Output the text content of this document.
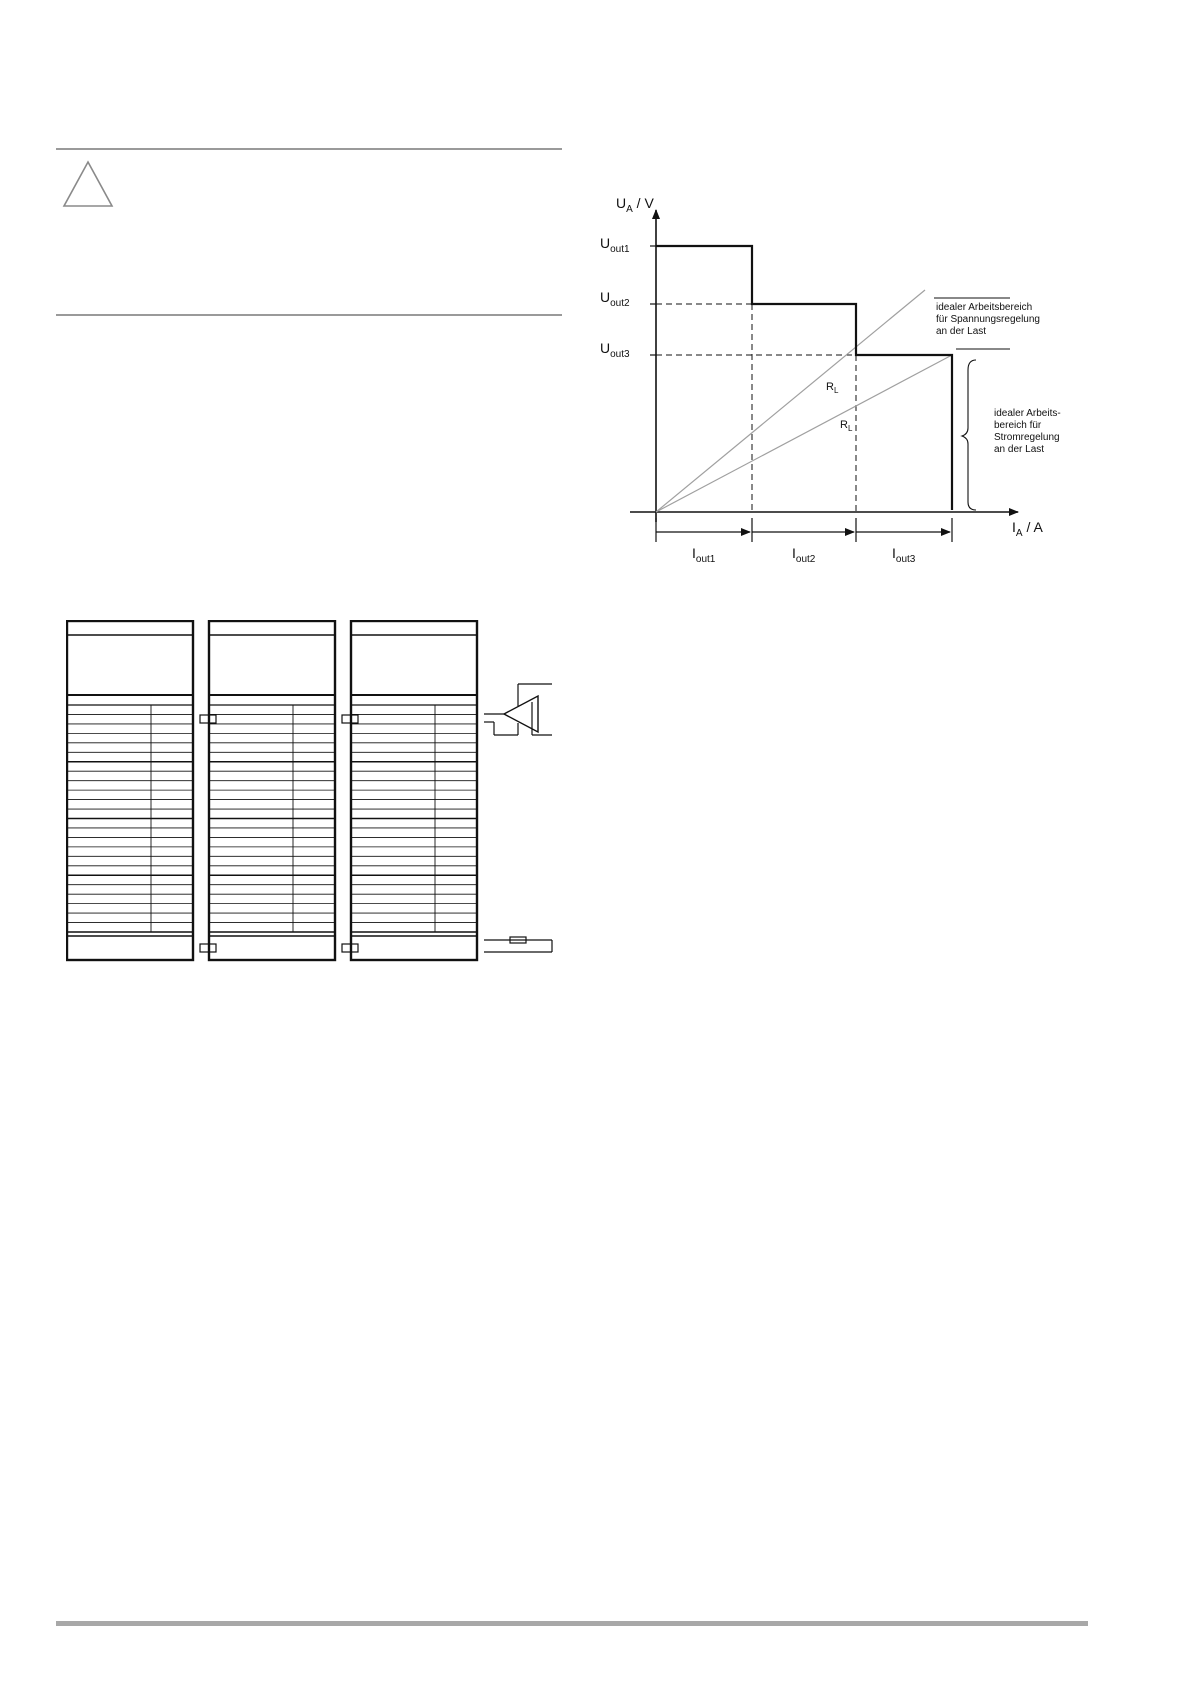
$U_A$ / V
$I_A$ / A
$U_{out1}$
$U_{out2}$
$U_{out3}$
$I_{out1}$	$I_{out2}$	$I_{out3}$
$R_L$
$R_L$
idealer Arbeitsbereich für Spannungsregelung an der Last
idealer Arbeits- bereich für Stromregelung an der Last
